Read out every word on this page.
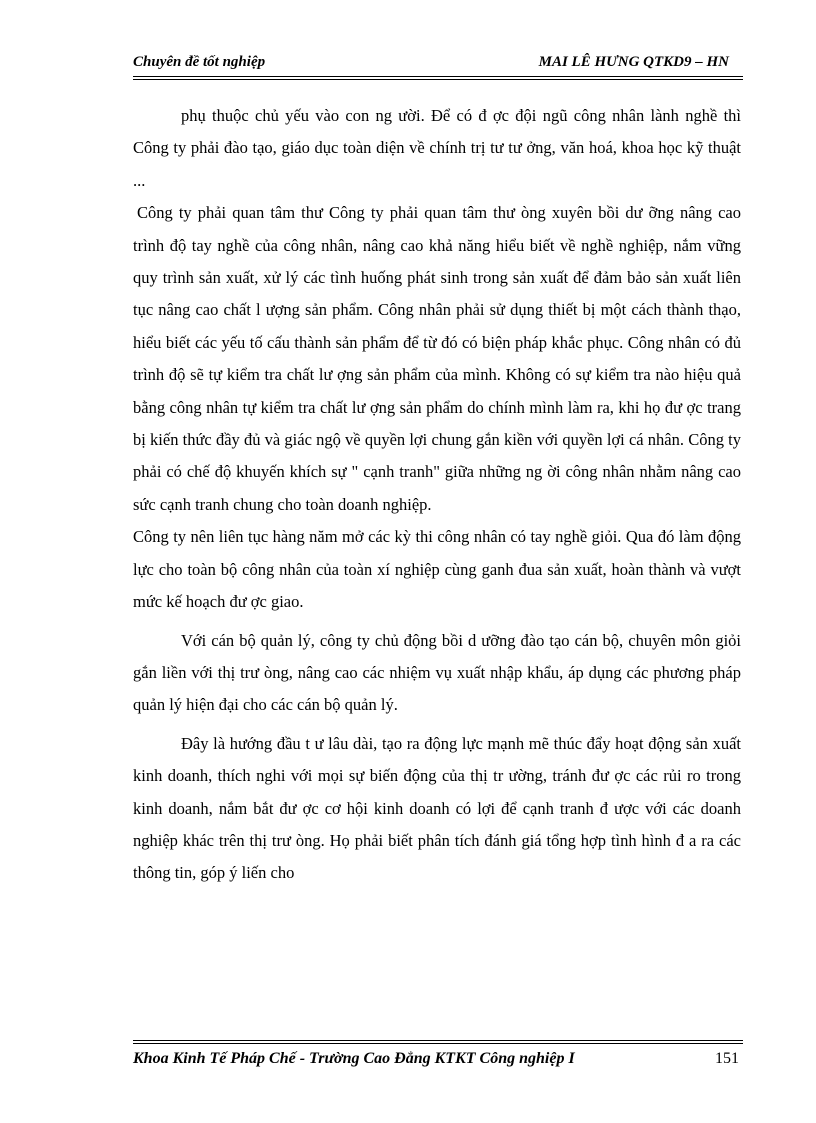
Chuyên đề tốt nghiệp	MAI LÊ HƯNG QTKD9 – HN

phụ thuộc chủ yếu vào con ng ười. Để có đ ợc đội ngũ công nhân lành nghề thì Công ty phải đào tạo, giáo dục toàn diện về chính trị tư tư ởng, văn hoá, khoa học kỹ thuật ...

Công ty phải quan tâm thư Công ty phải quan tâm thư òng xuyên bồi dư ỡng nâng cao trình độ tay nghề của công nhân, nâng cao khả năng hiểu biết về nghề nghiệp, nắm vững quy trình sản xuất, xử lý các tình huống phát sinh trong sản xuất để đảm bảo sản xuất liên tục nâng cao chất l ượng sản phẩm. Công nhân phải sử dụng thiết bị một cách thành thạo, hiểu biết các yếu tố cấu thành sản phẩm để từ đó có biện pháp khắc phục. Công nhân có đủ trình độ sẽ tự kiểm tra chất lư ợng sản phẩm của mình. Không có sự kiểm tra nào hiệu quả bằng công nhân tự kiểm tra chất lư ợng sản phẩm do chính mình làm ra, khi họ đư ợc trang bị kiến thức đầy đủ và giác ngộ về quyền lợi chung gắn kiền với quyền lợi cá nhân. Công ty phải có chế độ khuyến khích sự " cạnh tranh" giữa những ng ời công nhân nhằm nâng cao sức cạnh tranh chung cho toàn doanh nghiệp.

Công ty nên liên tục hàng năm mở các kỳ thi công nhân có tay nghề giỏi. Qua đó làm động lực cho toàn bộ công nhân của toàn xí nghiệp cùng ganh đua sản xuất, hoàn thành và vượt mức kế hoạch đư ợc giao.

Với cán bộ quản lý, công ty chủ động bồi d ưỡng đào tạo cán bộ, chuyên môn giỏi gắn liền với thị trư òng, nâng cao các nhiệm vụ xuất nhập khẩu, áp dụng các phương pháp quản lý hiện đại cho các cán bộ quản lý.

Đây là hướng đầu t ư lâu dài, tạo ra động lực mạnh mẽ thúc đẩy hoạt động sản xuất kinh doanh, thích nghi với mọi sự biến động của thị tr ường, tránh đư ợc các rủi ro trong kinh doanh, nắm bắt đư ợc cơ hội kinh doanh có lợi để cạnh tranh đ ược với các doanh nghiệp khác trên thị trư òng. Họ phải biết phân tích đánh giá tổng hợp tình hình đ a ra các thông tin, góp ý liến cho

Khoa Kinh Tế Pháp Chế - Trường Cao Đẳng KTKT Công nghiệp I	151
